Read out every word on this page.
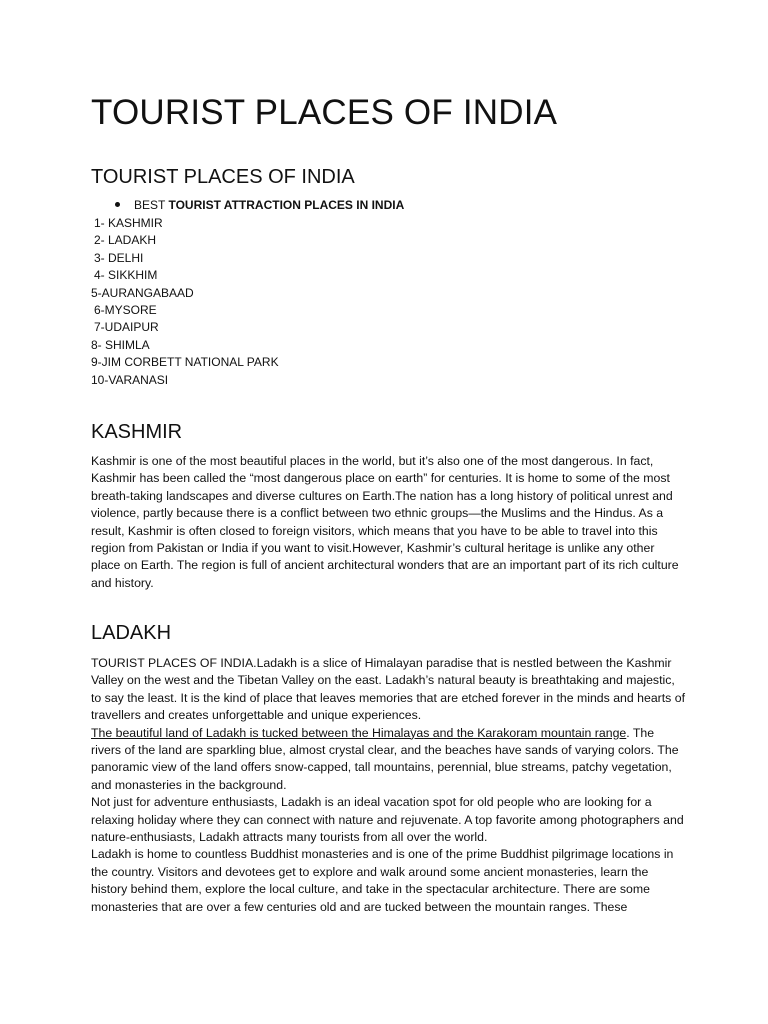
TOURIST PLACES OF INDIA
TOURIST PLACES OF INDIA
BEST TOURIST ATTRACTION PLACES IN INDIA
1- KASHMIR
2- LADAKH
3- DELHI
4- SIKKHIM
5-AURANGABAAD
6-MYSORE
7-UDAIPUR
8- SHIMLA
9-JIM CORBETT NATIONAL PARK
10-VARANASI
KASHMIR

Kashmir is one of the most beautiful places in the world, but it’s also one of the most dangerous. In fact, Kashmir has been called the “most dangerous place on earth” for centuries. It is home to some of the most breath-taking landscapes and diverse cultures on Earth.The nation has a long history of political unrest and violence, partly because there is a conflict between two ethnic groups—the Muslims and the Hindus. As a result, Kashmir is often closed to foreign visitors, which means that you have to be able to travel into this region from Pakistan or India if you want to visit.However, Kashmir’s cultural heritage is unlike any other place on Earth. The region is full of ancient architectural wonders that are an important part of its rich culture and history.

LADAKH

TOURIST PLACES OF INDIA.Ladakh is a slice of Himalayan paradise that is nestled between the Kashmir Valley on the west and the Tibetan Valley on the east. Ladakh’s natural beauty is breathtaking and majestic, to say the least. It is the kind of place that leaves memories that are etched forever in the minds and hearts of travellers and creates unforgettable and unique experiences.

The beautiful land of Ladakh is tucked between the Himalayas and the Karakoram mountain range. The rivers of the land are sparkling blue, almost crystal clear, and the beaches have sands of varying colors. The panoramic view of the land offers snow-capped, tall mountains, perennial, blue streams, patchy vegetation, and monasteries in the background.

Not just for adventure enthusiasts, Ladakh is an ideal vacation spot for old people who are looking for a relaxing holiday where they can connect with nature and rejuvenate. A top favorite among photographers and nature-enthusiasts, Ladakh attracts many tourists from all over the world.

Ladakh is home to countless Buddhist monasteries and is one of the prime Buddhist pilgrimage locations in the country. Visitors and devotees get to explore and walk around some ancient monasteries, learn the history behind them, explore the local culture, and take in the spectacular architecture. There are some monasteries that are over a few centuries old and are tucked between the mountain ranges. These
